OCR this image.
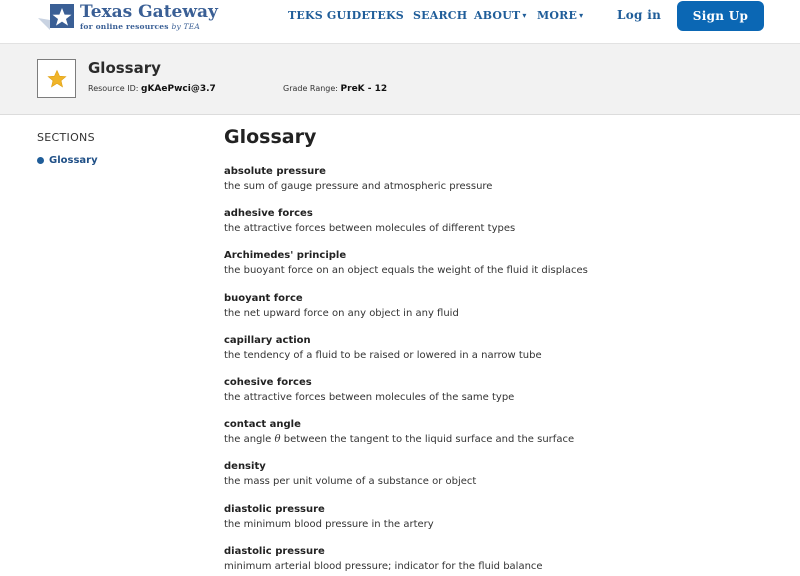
Texas Gateway
for online resources by TEA
TEKS GUIDE TEKS SEARCH ABOUT ▾ MORE ▾	Log in	Sign Up
Glossary
Resource ID: gKAePwci@3.7	Grade Range: PreK - 12
SECTIONS
Glossary
Glossary
absolute pressure
the sum of gauge pressure and atmospheric pressure
adhesive forces
the attractive forces between molecules of different types
Archimedes' principle
the buoyant force on an object equals the weight of the fluid it displaces
buoyant force
the net upward force on any object in any fluid
capillary action
the tendency of a fluid to be raised or lowered in a narrow tube
cohesive forces
the attractive forces between molecules of the same type
contact angle
the angle θ between the tangent to the liquid surface and the surface
density
the mass per unit volume of a substance or object
diastolic pressure
the minimum blood pressure in the artery
diastolic pressure
minimum arterial blood pressure; indicator for the fluid balance
